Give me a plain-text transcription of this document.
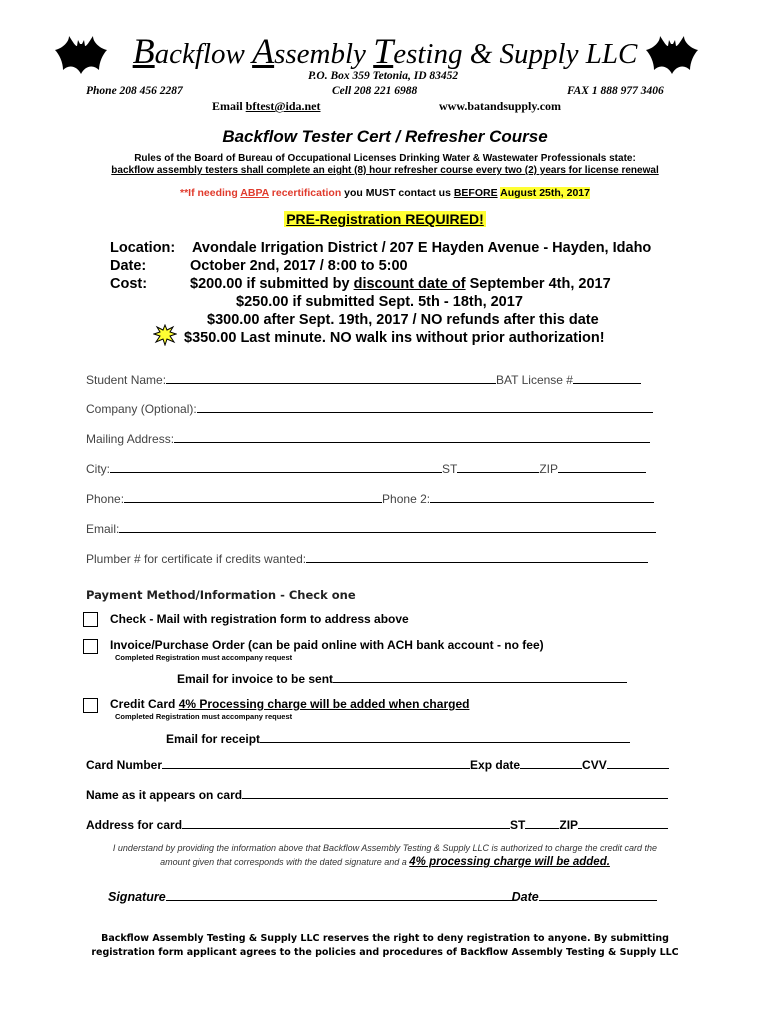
Backflow Assembly Testing & Supply LLC
P.O. Box 359 Tetonia, ID 83452
Phone 208 456 2287	Cell 208 221 6988	FAX 1 888 977 3406
Email bftest@ida.net	www.batandsupply.com
Backflow Tester Cert / Refresher Course
Rules of the Board of Bureau of Occupational Licenses Drinking Water & Wastewater Professionals state:
backflow assembly testers shall complete an eight (8) hour refresher course every two (2) years for license renewal
**If needing ABPA recertification you MUST contact us BEFORE August 25th, 2017
PRE-Registration REQUIRED!
Location: Avondale Irrigation District / 207 E Hayden Avenue - Hayden, Idaho
Date:	October 2nd, 2017 / 8:00 to 5:00
Cost:	$200.00 if submitted by discount date of September 4th, 2017
$250.00 if submitted Sept. 5th - 18th, 2017
$300.00 after Sept. 19th, 2017 / NO refunds after this date
$350.00 Last minute. NO walk ins without prior authorization!
Student Name:	BAT License #
Company (Optional):
Mailing Address:
City:	ST	ZIP
Phone:	Phone 2:
Email:
Plumber # for certificate if credits wanted:
Payment Method/Information - Check one
Check - Mail with registration form to address above
Invoice/Purchase Order (can be paid online with ACH bank account - no fee)
Completed Registration must accompany request
Email for invoice to be sent
Credit Card 4% Processing charge will be added when charged
Completed Registration must accompany request
Email for receipt
Card Number	Exp date	CVV
Name as it appears on card
Address for card	ST	ZIP
I understand by providing the information above that Backflow Assembly Testing & Supply LLC is authorized to charge the credit card the
amount given that corresponds with the dated signature and a 4% processing charge will be added.
Signature	Date
Backflow Assembly Testing & Supply LLC reserves the right to deny registration to anyone. By submitting
registration form applicant agrees to the policies and procedures of Backflow Assembly Testing & Supply LLC
